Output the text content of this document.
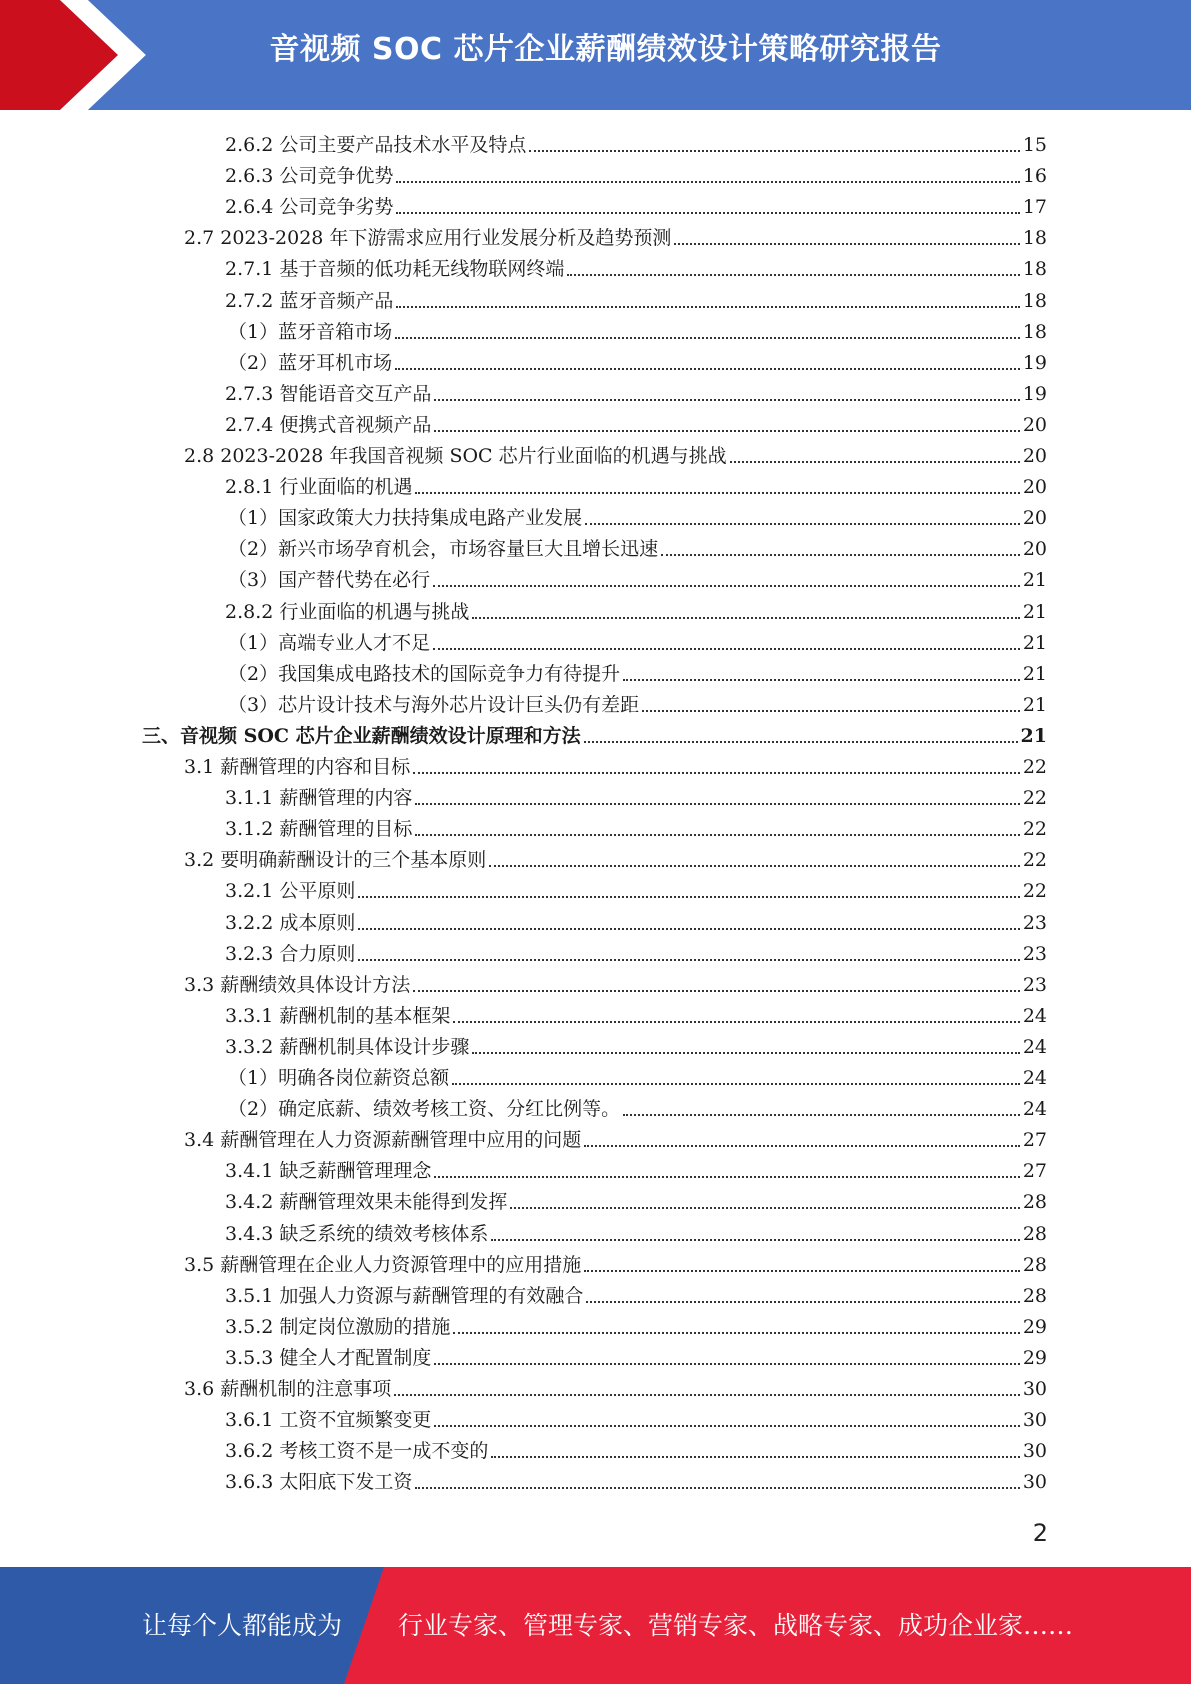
音视频 SOC 芯片企业薪酬绩效设计策略研究报告
2.6.2 公司主要产品技术水平及特点	15
2.6.3 公司竞争优势	16
2.6.4 公司竞争劣势	17
2.7 2023-2028 年下游需求应用行业发展分析及趋势预测	18
2.7.1 基于音频的低功耗无线物联网终端	18
2.7.2 蓝牙音频产品	18
（1）蓝牙音箱市场	18
（2）蓝牙耳机市场	19
2.7.3 智能语音交互产品	19
2.7.4 便携式音视频产品	20
2.8 2023-2028 年我国音视频 SOC 芯片行业面临的机遇与挑战	20
2.8.1 行业面临的机遇	20
（1）国家政策大力扶持集成电路产业发展	20
（2）新兴市场孕育机会，市场容量巨大且增长迅速	20
（3）国产替代势在必行	21
2.8.2 行业面临的机遇与挑战	21
（1）高端专业人才不足	21
（2）我国集成电路技术的国际竞争力有待提升	21
（3）芯片设计技术与海外芯片设计巨头仍有差距	21
三、音视频 SOC 芯片企业薪酬绩效设计原理和方法	21
3.1 薪酬管理的内容和目标	22
3.1.1 薪酬管理的内容	22
3.1.2 薪酬管理的目标	22
3.2 要明确薪酬设计的三个基本原则	22
3.2.1 公平原则	22
3.2.2 成本原则	23
3.2.3 合力原则	23
3.3 薪酬绩效具体设计方法	23
3.3.1 薪酬机制的基本框架	24
3.3.2 薪酬机制具体设计步骤	24
（1）明确各岗位薪资总额	24
（2）确定底薪、绩效考核工资、分红比例等。	24
3.4 薪酬管理在人力资源薪酬管理中应用的问题	27
3.4.1 缺乏薪酬管理理念	27
3.4.2 薪酬管理效果未能得到发挥	28
3.4.3 缺乏系统的绩效考核体系	28
3.5 薪酬管理在企业人力资源管理中的应用措施	28
3.5.1 加强人力资源与薪酬管理的有效融合	28
3.5.2 制定岗位激励的措施	29
3.5.3 健全人才配置制度	29
3.6 薪酬机制的注意事项	30
3.6.1 工资不宜频繁变更	30
3.6.2 考核工资不是一成不变的	30
3.6.3 太阳底下发工资	30
2
让每个人都能成为 行业专家、管理专家、营销专家、战略专家、成功企业家……
